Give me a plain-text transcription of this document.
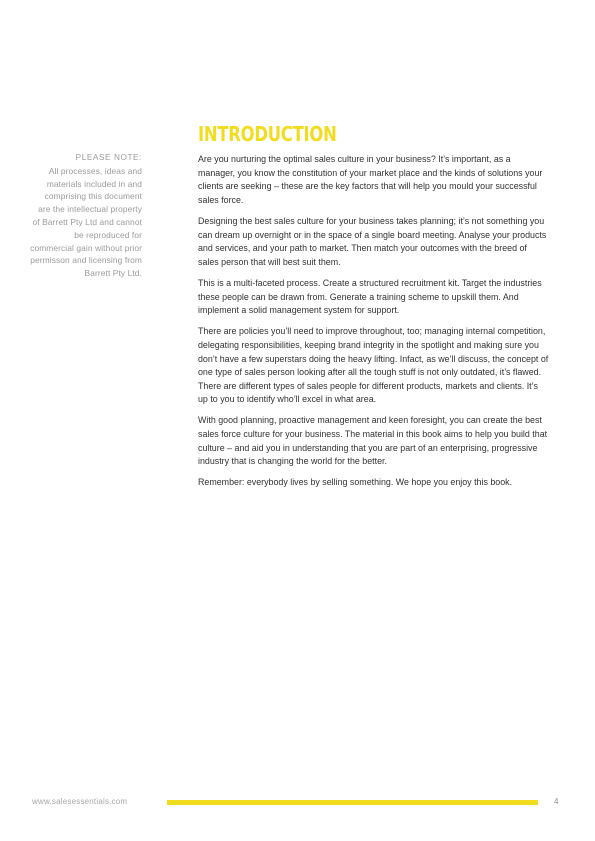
INTRODUCTION
PLEASE NOTE:
All processes, ideas and materials included in and comprising this document are the intellectual property of Barrett Pty Ltd and cannot be reproduced for commercial gain without prior permisson and licensing from Barrett Pty Ltd.

Are you nurturing the optimal sales culture in your business? It’s important, as a manager, you know the constitution of your market place and the kinds of solutions your clients are seeking – these are the key factors that will help you mould your successful sales force.

Designing the best sales culture for your business takes planning; it’s not something you can dream up overnight or in the space of a single board meeting. Analyse your products and services, and your path to market. Then match your outcomes with the breed of sales person that will best suit them.

This is a multi-faceted process. Create a structured recruitment kit. Target the industries these people can be drawn from. Generate a training scheme to upskill them. And implement a solid management system for support.

There are policies you’ll need to improve throughout, too; managing internal competition, delegating responsibilities, keeping brand integrity in the spotlight and making sure you don’t have a few superstars doing the heavy lifting. Infact, as we’ll discuss, the concept of one type of sales person looking after all the tough stuff is not only outdated, it’s flawed. There are different types of sales people for different products, markets and clients. It’s up to you to identify who’ll excel in what area.

With good planning, proactive management and keen foresight, you can create the best sales force culture for your business. The material in this book aims to help you build that culture – and aid you in understanding that you are part of an enterprising, progressive industry that is changing the world for the better.

Remember: everybody lives by selling something. We hope you enjoy this book.

www.salesessentials.com	4
